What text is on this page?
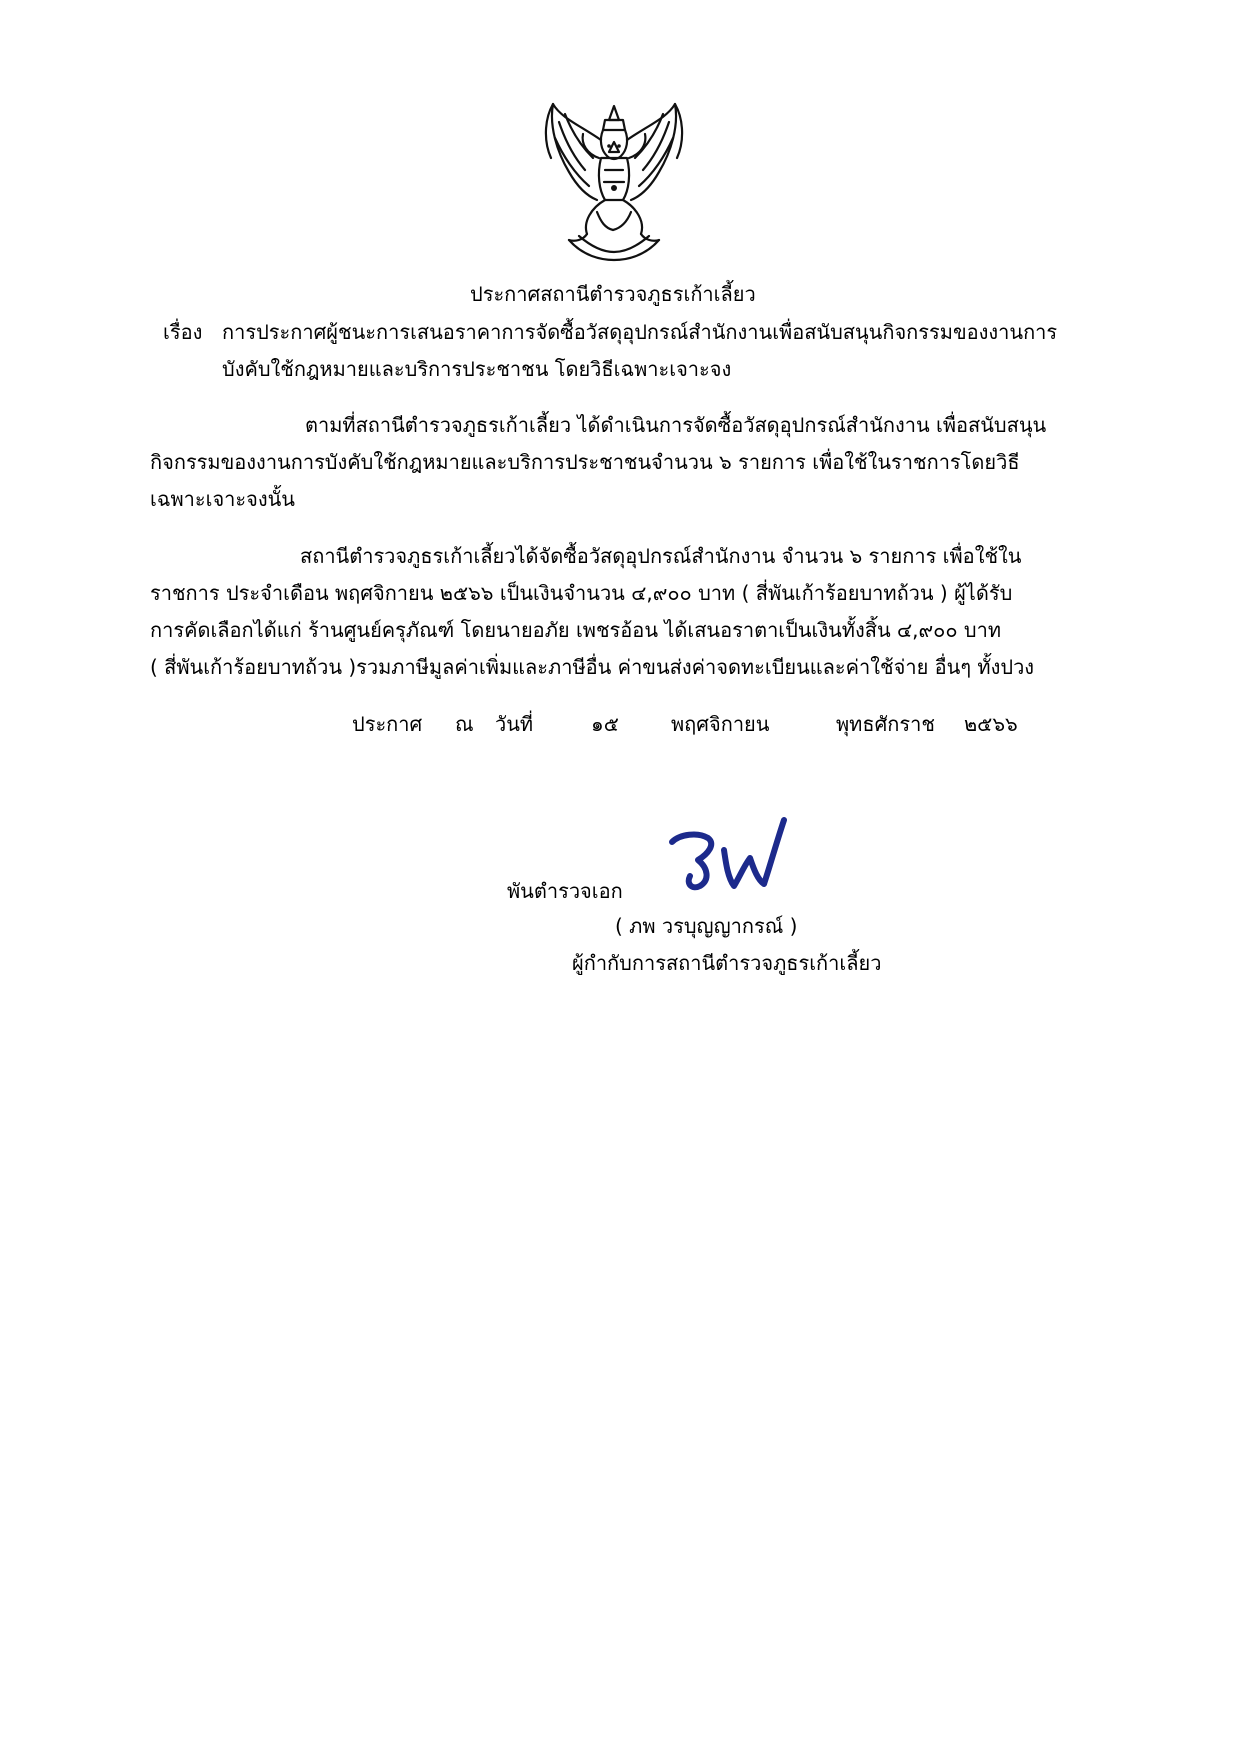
ประกาศสถานีตำรวจภูธรเก้าเลี้ยว
เรื่อง การประกาศผู้ชนะการเสนอราคาการจัดซื้อวัสดุอุปกรณ์สำนักงานเพื่อสนับสนุนกิจกรรมของงานการ
บังคับใช้กฎหมายและบริการประชาชน โดยวิธีเฉพาะเจาะจง
ตามที่สถานีตำรวจภูธรเก้าเลี้ยว ได้ดำเนินการจัดซื้อวัสดุอุปกรณ์สำนักงาน เพื่อสนับสนุน
กิจกรรมของงานการบังคับใช้กฎหมายและบริการประชาชนจำนวน ๖ รายการ เพื่อใช้ในราชการโดยวิธี
เฉพาะเจาะจงนั้น
สถานีตำรวจภูธรเก้าเลี้ยวได้จัดซื้อวัสดุอุปกรณ์สำนักงาน จำนวน ๖ รายการ เพื่อใช้ใน
ราชการ ประจำเดือน พฤศจิกายน ๒๕๖๖ เป็นเงินจำนวน ๔,๙๐๐ บาท ( สี่พันเก้าร้อยบาทถ้วน ) ผู้ได้รับ
การคัดเลือกได้แก่ ร้านศูนย์ครุภัณฑ์ โดยนายอภัย เพชรอ้อน ได้เสนอราตาเป็นเงินทั้งสิ้น ๔,๙๐๐ บาท
( สี่พันเก้าร้อยบาทถ้วน )รวมภาษีมูลค่าเพิ่มและภาษีอื่น ค่าขนส่งค่าจดทะเบียนและค่าใช้จ่าย อื่นๆ ทั้งปวง
ประกาศ ณ วันที่	๑๕	พฤศจิกายน	พุทธศักราช ๒๕๖๖
พันตำรวจเอก
( ภพ วรบุญญากรณ์ )
ผู้กำกับการสถานีตำรวจภูธรเก้าเลี้ยว
